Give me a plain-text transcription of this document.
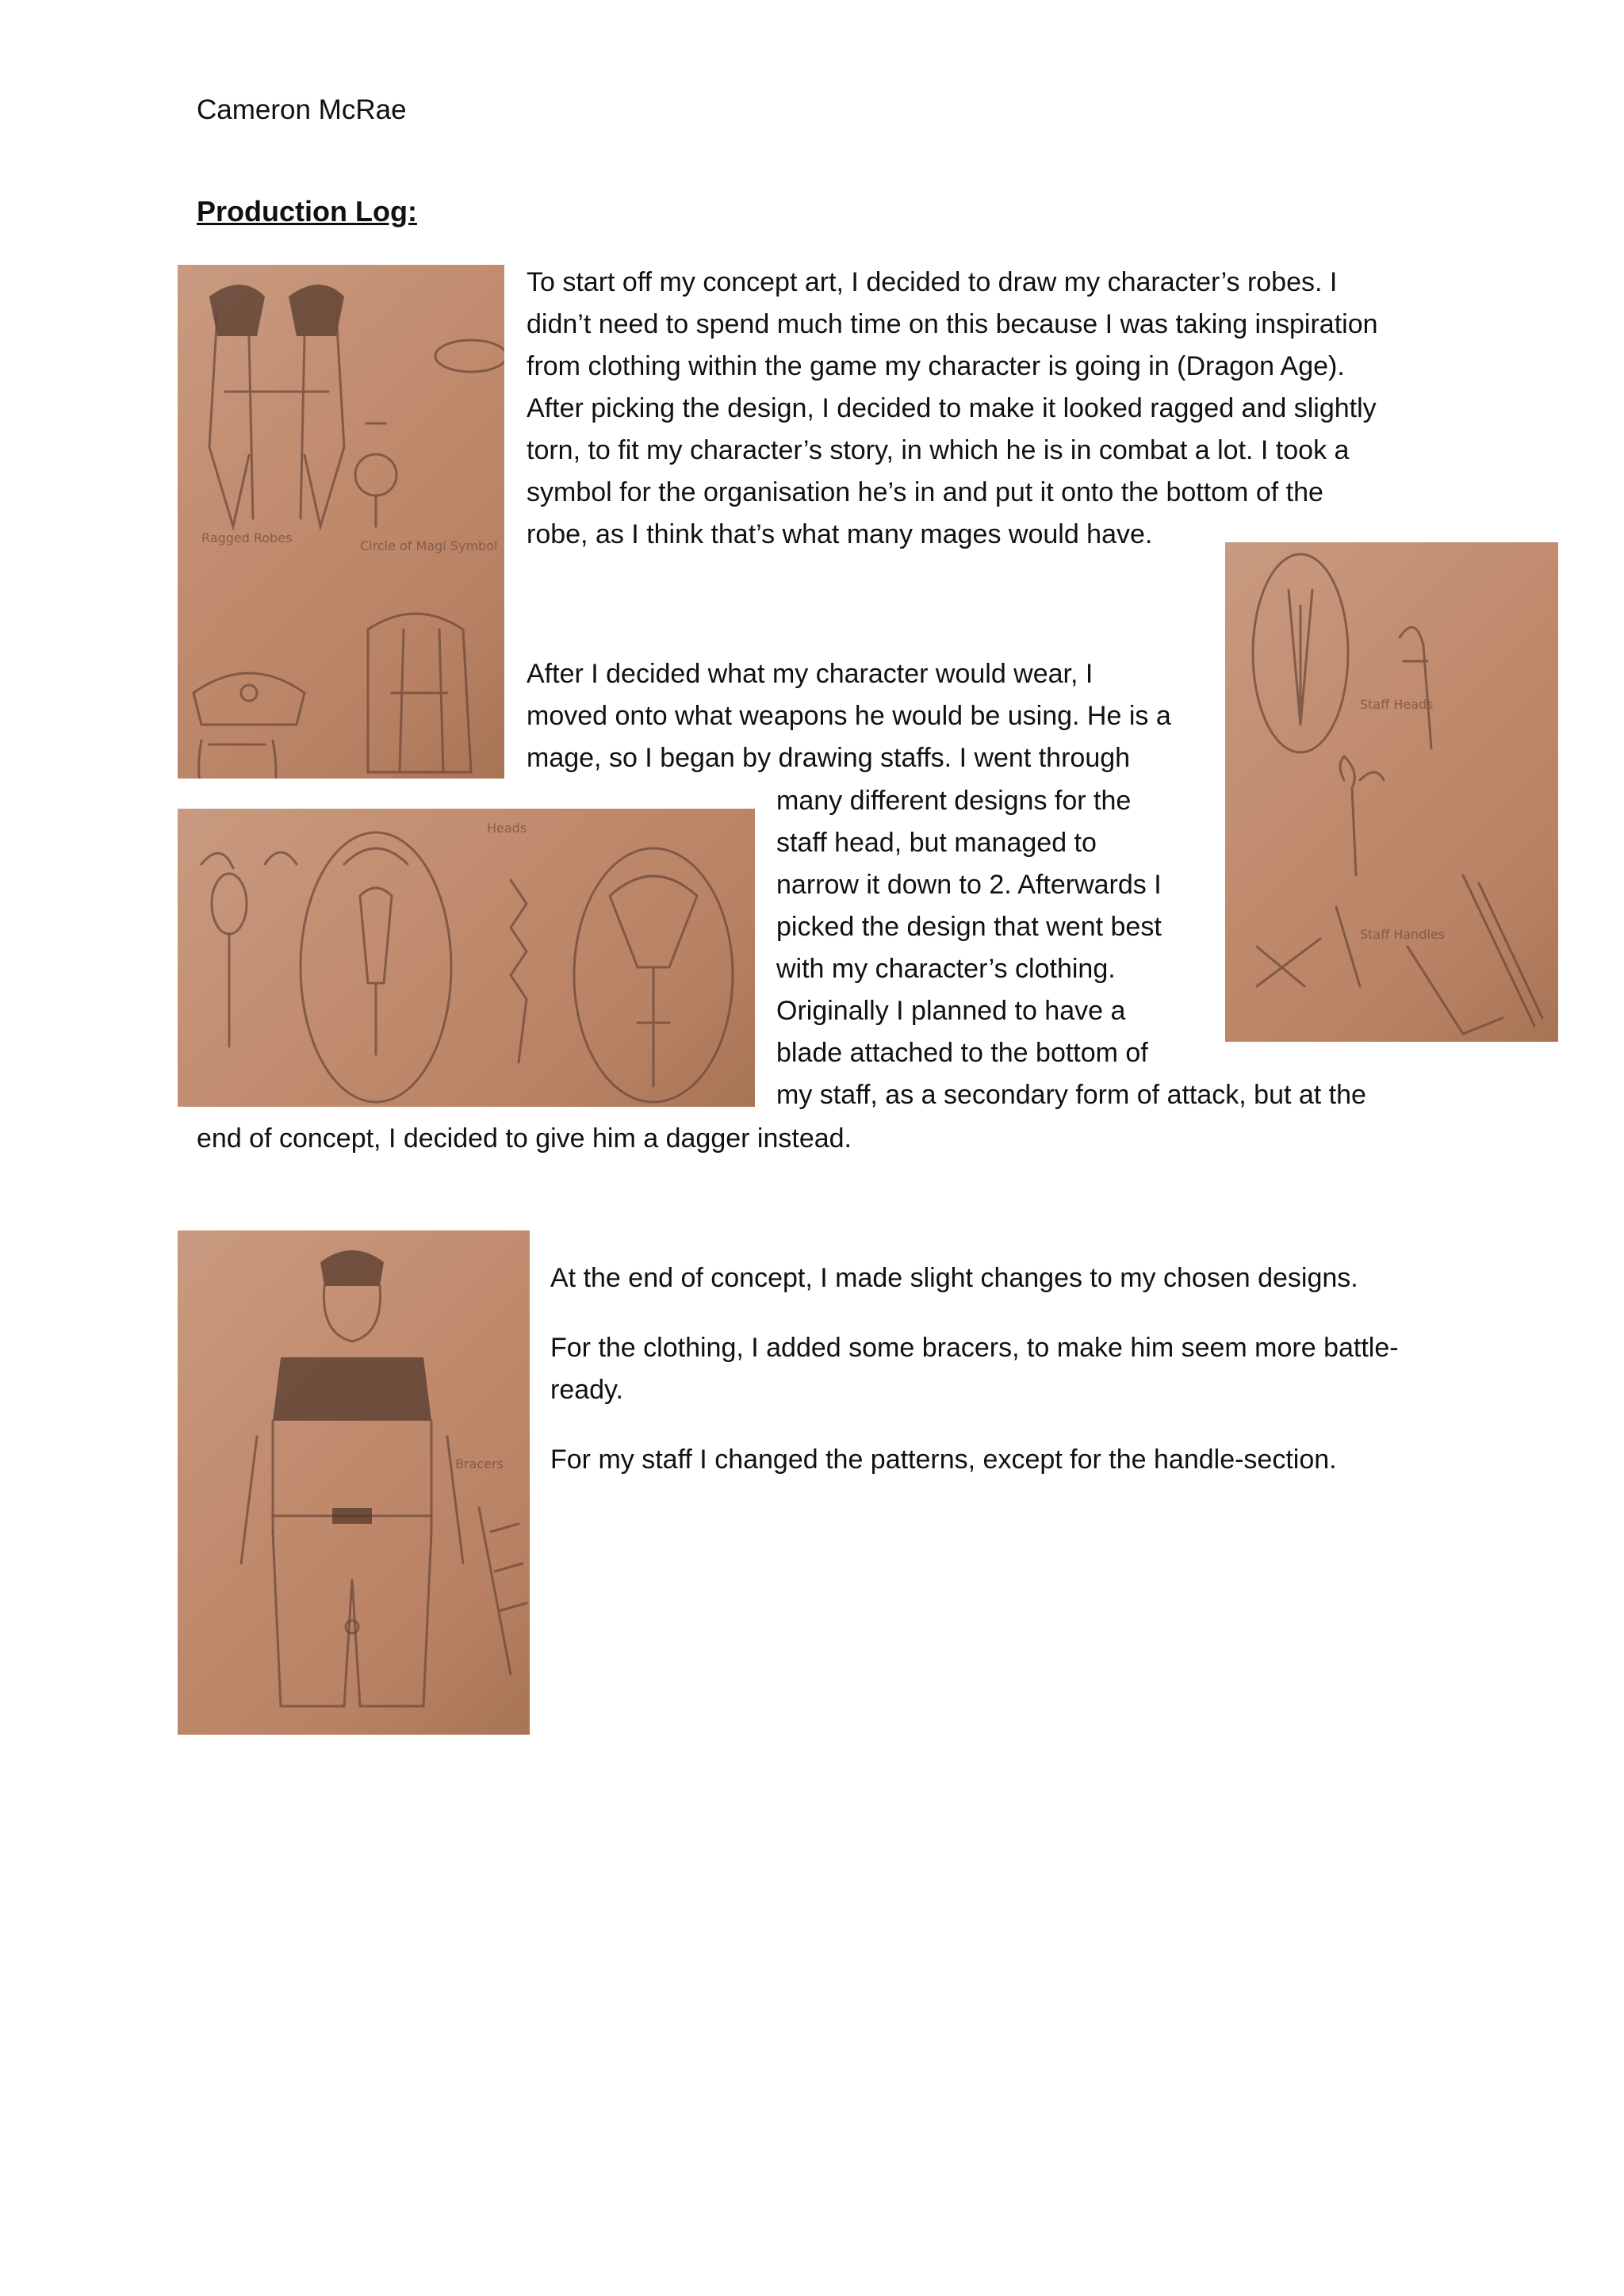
Cameron McRae
Production Log:
Circle of Magi Symbol
Ragged Robes
To start off my concept art, I decided to draw my character’s robes. I
didn’t need to spend much time on this because I was taking inspiration
from clothing within the game my character is going in (Dragon Age).
After picking the design, I decided to make it looked ragged and slightly
torn, to fit my character’s story, in which he is in combat a lot. I took a
symbol for the organisation he’s in and put it onto the bottom of the
robe, as I think that’s what many mages would have.
Staff Heads
Staff Handles
After I decided what my character would wear, I
moved onto what weapons he would be using. He is a
mage, so I began by drawing staffs. I went through
Heads
many different designs for the
staff head, but managed to
narrow it down to 2. Afterwards I
picked the design that went best
with my character’s clothing.
Originally I planned to have a
blade attached to the bottom of
my staff, as a secondary form of attack, but at the
end of concept, I decided to give him a dagger instead.
Bracers
At the end of concept, I made slight changes to my chosen designs.
For the clothing, I added some bracers, to make him seem more battle-
ready.
For my staff I changed the patterns, except for the handle-section.
